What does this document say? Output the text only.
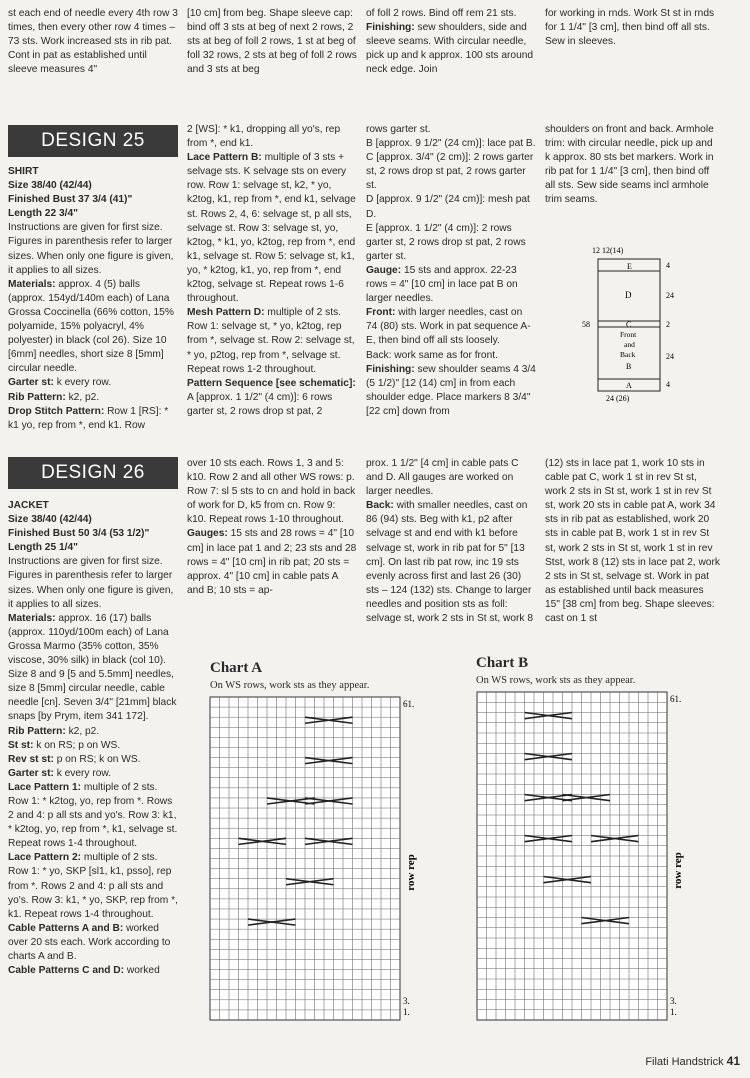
st each end of needle every 4th row 3 times, then every other row 4 times – 73 sts. Work increased sts in rib pat. Cont in pat as established until sleeve measures 4"

[10 cm] from beg. Shape sleeve cap: bind off 3 sts at beg of next 2 rows, 2 sts at beg of foll 2 rows, 1 st at beg of foll 32 rows, 2 sts at beg of foll 2 rows and 3 sts at beg

of foll 2 rows. Bind off rem 21 sts.
Finishing: sew shoulders, side and sleeve seams. With circular needle, pick up and k approx. 100 sts around neck edge. Join

for working in rnds. Work St st in rnds for 1 1/4" [3 cm], then bind off all sts. Sew in sleeves.

DESIGN 25

SHIRT

Size 38/40 (42/44)

Finished Bust 37 3/4 (41)"

Length 22 3/4"

Instructions are given for first size. Figures in parenthesis refer to larger sizes. When only one figure is given, it applies to all sizes.

Materials: approx. 4 (5) balls (approx. 154yd/140m each) of Lana Grossa Coccinella (66% cotton, 15% polyamide, 15% polyacryl, 4% polyester) in black (col 26). Size 10 [6mm] needles, short size 8 [5mm] circular needle.

Garter st: k every row.

Rib Pattern: k2, p2.

Drop Stitch Pattern: Row 1 [RS]: * k1 yo, rep from *, end k1. Row

2 [WS]: * k1, dropping all yo's, rep from *, end k1.

Lace Pattern B: multiple of 3 sts + selvage sts. K selvage sts on every row. Row 1: selvage st, k2, * yo, k2tog, k1, rep from *, end k1, selvage st. Rows 2, 4, 6: selvage st, p all sts, selvage st. Row 3: selvage st, yo, k2tog, * k1, yo, k2tog, rep from *, end k1, selvage st. Row 5: selvage st, k1, yo, * k2tog, k1, yo, rep from *, end k2tog, selvage st. Repeat rows 1-6 throughout.

Mesh Pattern D: multiple of 2 sts. Row 1: selvage st, * yo, k2tog, rep from *, selvage st. Row 2: selvage st, * yo, p2tog, rep from *, selvage st. Repeat rows 1-2 throughout.

Pattern Sequence [see schematic]:

A [approx. 1 1/2" (4 cm)]: 6 rows garter st, 2 rows drop st pat, 2

rows garter st.

B [approx. 9 1/2" (24 cm)]: lace pat B.

C [approx. 3/4" (2 cm)]: 2 rows garter st, 2 rows drop st pat, 2 rows garter st.

D [approx. 9 1/2" (24 cm)]: mesh pat D.

E [approx. 1 1/2" (4 cm)]: 2 rows garter st, 2 rows drop st pat, 2 rows garter st.

Gauge: 15 sts and approx. 22-23 rows = 4" [10 cm] in lace pat B on larger needles.

Front: with larger needles, cast on 74 (80) sts. Work in pat sequence A-E, then bind off all sts loosely.

Back: work same as for front.

Finishing: sew shoulder seams 4 3/4 (5 1/2)" [12 (14) cm] in from each shoulder edge. Place markers 8 3/4" [22 cm] down from

shoulders on front and back. Armhole trim: with circular needle, pick up and k approx. 80 sts bet markers. Work in rib pat for 1 1/4" [3 cm], then bind off all sts. Sew side seams incl armhole trim seams.

12 12(14)
E
D
C
Front
and
Back
B
A
4
24
2
24
4
58
24 (26)
DESIGN 26

JACKET

Size 38/40 (42/44)

Finished Bust 50 3/4 (53 1/2)"

Length 25 1/4"

Instructions are given for first size. Figures in parenthesis refer to larger sizes. When only one figure is given, it applies to all sizes.

Materials: approx. 16 (17) balls (approx. 110yd/100m each) of Lana Grossa Marmo (35% cotton, 35% viscose, 30% silk) in black (col 10). Size 8 and 9 [5 and 5.5mm] needles, size 8 [5mm] circular needle, cable needle [cn]. Seven 3/4" [21mm] black snaps [by Prym, item 341 172].

Rib Pattern: k2, p2.

St st: k on RS; p on WS.

Rev st st: p on RS; k on WS.

Garter st: k every row.

Lace Pattern 1: multiple of 2 sts. Row 1: * k2tog, yo, rep from *. Rows 2 and 4: p all sts and yo's. Row 3: k1, * k2tog, yo, rep from *, k1, selvage st. Repeat rows 1-4 throughout.

Lace Pattern 2: multiple of 2 sts. Row 1: * yo, SKP [sl1, k1, psso], rep from *. Rows 2 and 4: p all sts and yo's. Row 3: k1, * yo, SKP, rep from *, k1. Repeat rows 1-4 throughout.

Cable Patterns A and B: worked over 20 sts each. Work according to charts A and B.

Cable Patterns C and D: worked

over 10 sts each. Rows 1, 3 and 5: k10. Row 2 and all other WS rows: p. Row 7: sl 5 sts to cn and hold in back of work for D, k5 from cn. Row 9: k10. Repeat rows 1-10 throughout.

Gauges: 15 sts and 28 rows = 4" [10 cm] in lace pat 1 and 2; 23 sts and 28 rows = 4" [10 cm] in rib pat; 20 sts = approx. 4" [10 cm] in cable pats A and B; 10 sts = ap-

prox. 1 1/2" [4 cm] in cable pats C and D. All gauges are worked on larger needles.

Back: with smaller needles, cast on 86 (94) sts. Beg with k1, p2 after selvage st and end with k1 before selvage st, work in rib pat for 5" [13 cm]. On last rib pat row, inc 19 sts evenly across first and last 26 (30) sts – 124 (132) sts. Change to larger needles and position sts as foll: selvage st, work 2 sts in St st, work 8

(12) sts in lace pat 1, work 10 sts in cable pat C, work 1 st in rev St st, work 2 sts in St st, work 1 st in rev St st, work 20 sts in cable pat A, work 34 sts in rib pat as established, work 20 sts in cable pat B, work 1 st in rev St st, work 2 sts in St st, work 1 st in rev Stst, work 8 (12) sts in lace pat 2, work 2 sts in St st, selvage st. Work in pat as established until back measures 15" [38 cm] from beg. Shape sleeves: cast on 1 st

Chart A
On WS rows, work sts as they appear.
Chart B
On WS rows, work sts as they appear.
61.
3.
1.
row rep
61.
3.
1.
row rep
Filati Handstrick 41
